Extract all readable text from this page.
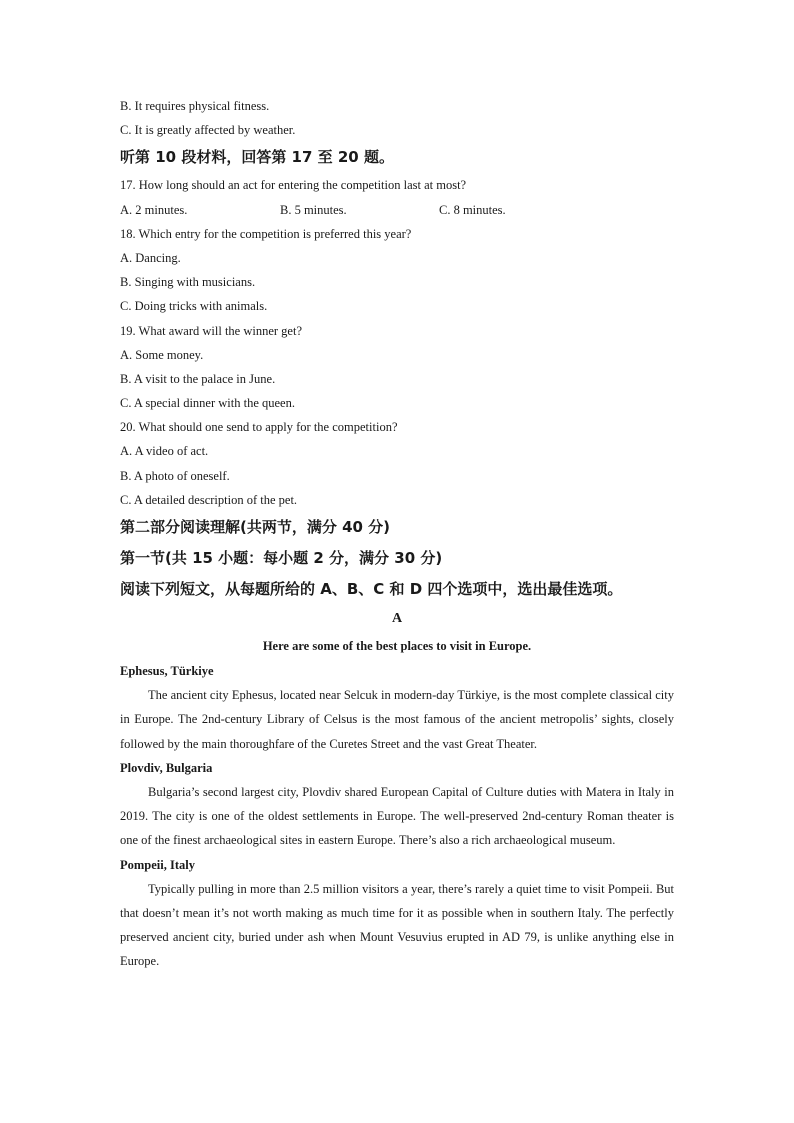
B. It requires physical fitness.
C. It is greatly affected by weather.
听第 10 段材料，回答第 17 至 20 题。
17. How long should an act for entering the competition last at most?
A. 2 minutes.	B. 5 minutes.	C. 8 minutes.
18. Which entry for the competition is preferred this year?
A. Dancing.
B. Singing with musicians.
C. Doing tricks with animals.
19. What award will the winner get?
A. Some money.
B. A visit to the palace in June.
C. A special dinner with the queen.
20. What should one send to apply for the competition?
A. A video of act.
B. A photo of oneself.
C. A detailed description of the pet.
第二部分阅读理解(共两节，满分 40 分)
第一节(共 15 小题：每小题 2 分，满分 30 分)
阅读下列短文，从每题所给的 A、B、C 和 D 四个选项中，选出最佳选项。
A
Here are some of the best places to visit in Europe.
Ephesus, Türkiye

The ancient city Ephesus, located near Selcuk in modern-day Türkiye, is the most complete classical city in Europe. The 2nd-century Library of Celsus is the most famous of the ancient metropolis’ sights, closely followed by the main thoroughfare of the Curetes Street and the vast Great Theater.

Plovdiv, Bulgaria

Bulgaria’s second largest city, Plovdiv shared European Capital of Culture duties with Matera in Italy in 2019. The city is one of the oldest settlements in Europe. The well-preserved 2nd-century Roman theater is one of the finest archaeological sites in eastern Europe. There’s also a rich archaeological museum.

Pompeii, Italy

Typically pulling in more than 2.5 million visitors a year, there’s rarely a quiet time to visit Pompeii. But that doesn’t mean it’s not worth making as much time for it as possible when in southern Italy. The perfectly preserved ancient city, buried under ash when Mount Vesuvius erupted in AD 79, is unlike anything else in Europe.
